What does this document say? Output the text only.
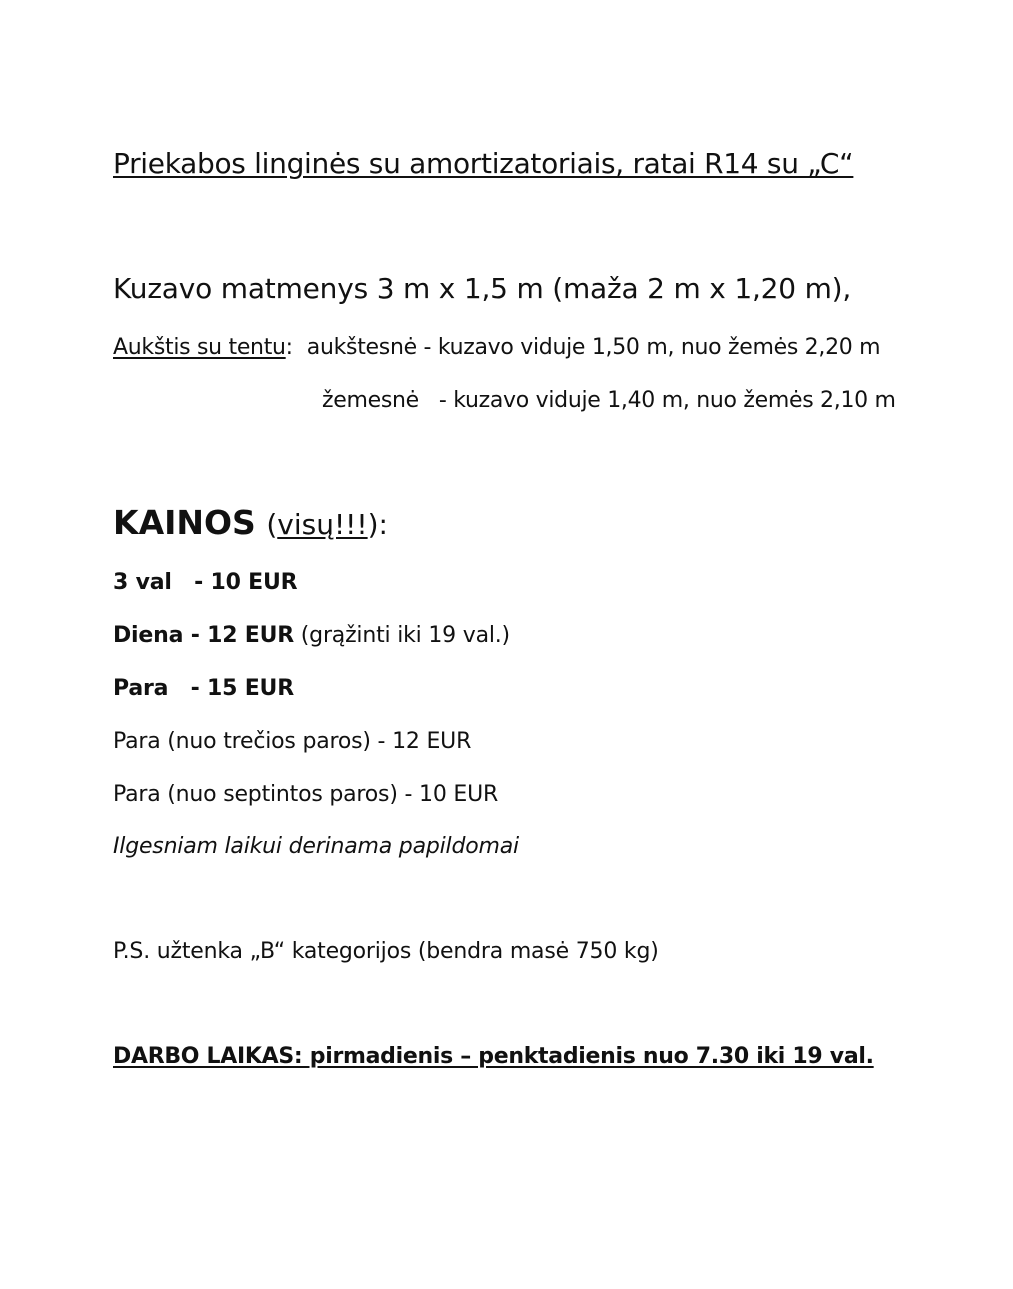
Priekabos linginės su amortizatoriais, ratai R14 su „C“
Kuzavo matmenys 3 m x 1,5 m (maža 2 m x 1,20 m),
Aukštis su tentu: aukštesnė - kuzavo viduje 1,50 m, nuo žemės 2,20 m
žemesnė - kuzavo viduje 1,40 m, nuo žemės 2,10 m
KAINOS (visų!!!):
3 val   - 10 EUR
Diena - 12 EUR (grąžinti iki 19 val.)
Para   - 15 EUR
Para (nuo trečios paros) - 12 EUR
Para (nuo septintos paros) - 10 EUR
Ilgesniam laikui derinama papildomai
P.S. užtenka „B“ kategorijos (bendra masė 750 kg)
DARBO LAIKAS: pirmadienis – penktadienis nuo 7.30 iki 19 val.
